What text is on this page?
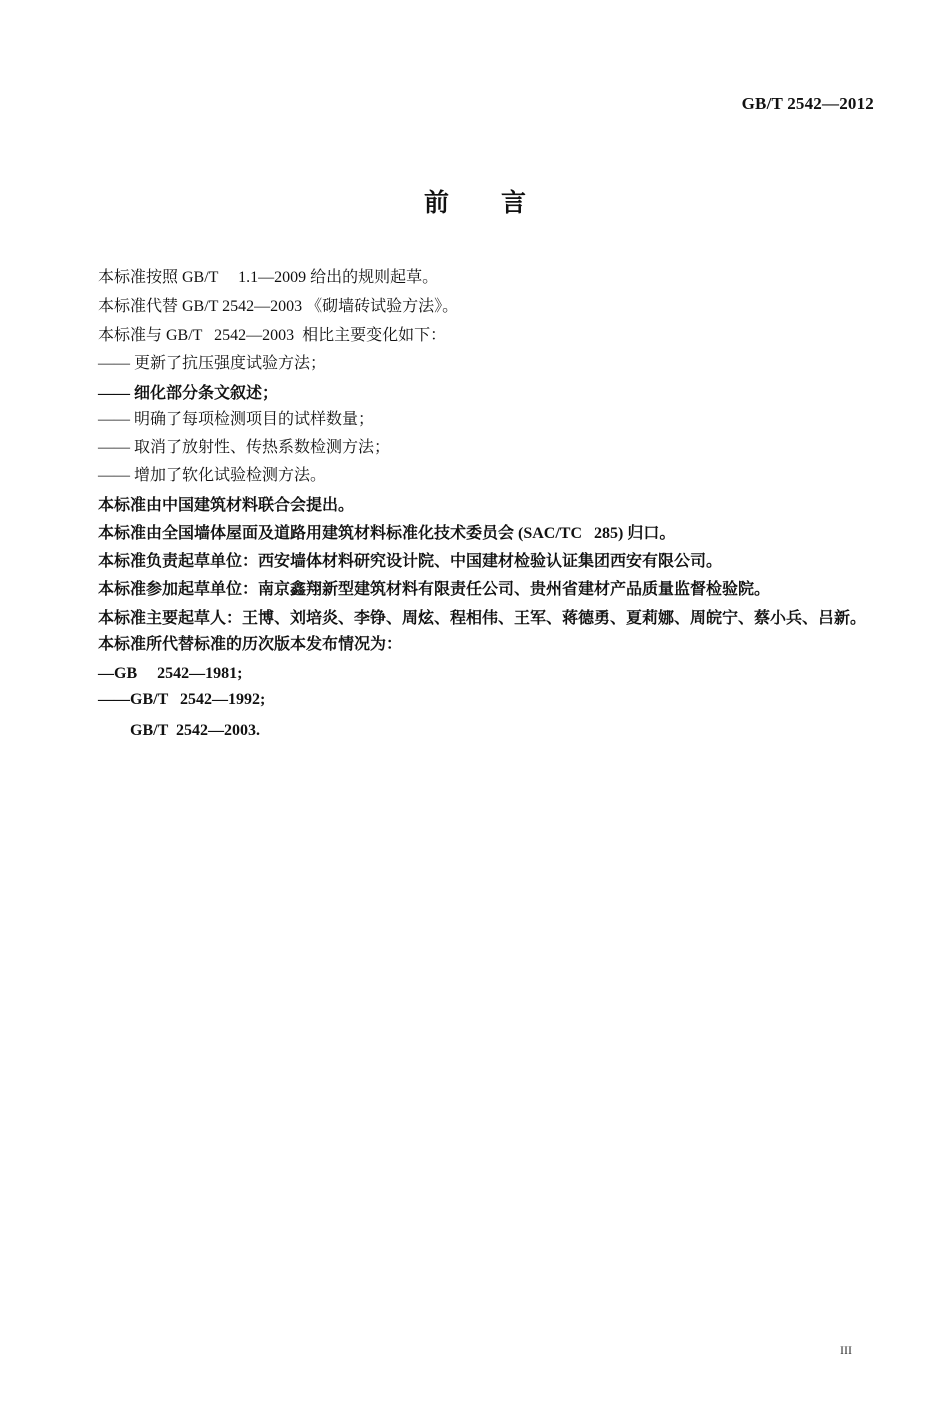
GB/T 2542—2012
前言

本标准按照 GB/T     1.1—2009 给出的规则起草。

本标准代替 GB/T 2542—2003 《砌墙砖试验方法》。

本标准与 GB/T   2542—2003  相比主要变化如下：

—— 更新了抗压强度试验方法；

—— 细化部分条文叙述；

—— 明确了每项检测项目的试样数量；

—— 取消了放射性、传热系数检测方法；

—— 增加了软化试验检测方法。

本标准由中国建筑材料联合会提出。

本标准由全国墙体屋面及道路用建筑材料标准化技术委员会 (SAC/TC   285) 归口。

本标准负责起草单位：西安墙体材料研究设计院、中国建材检验认证集团西安有限公司。

本标准参加起草单位：南京鑫翔新型建筑材料有限责任公司、贵州省建材产品质量监督检验院。

本标准主要起草人：王博、刘培炎、李铮、周炫、程相伟、王军、蒋德勇、夏莉娜、周皖宁、蔡小兵、吕新。

本标准所代替标准的历次版本发布情况为：

—GB     2542—1981;

——GB/T   2542—1992;

GB/T  2542—2003.

III
